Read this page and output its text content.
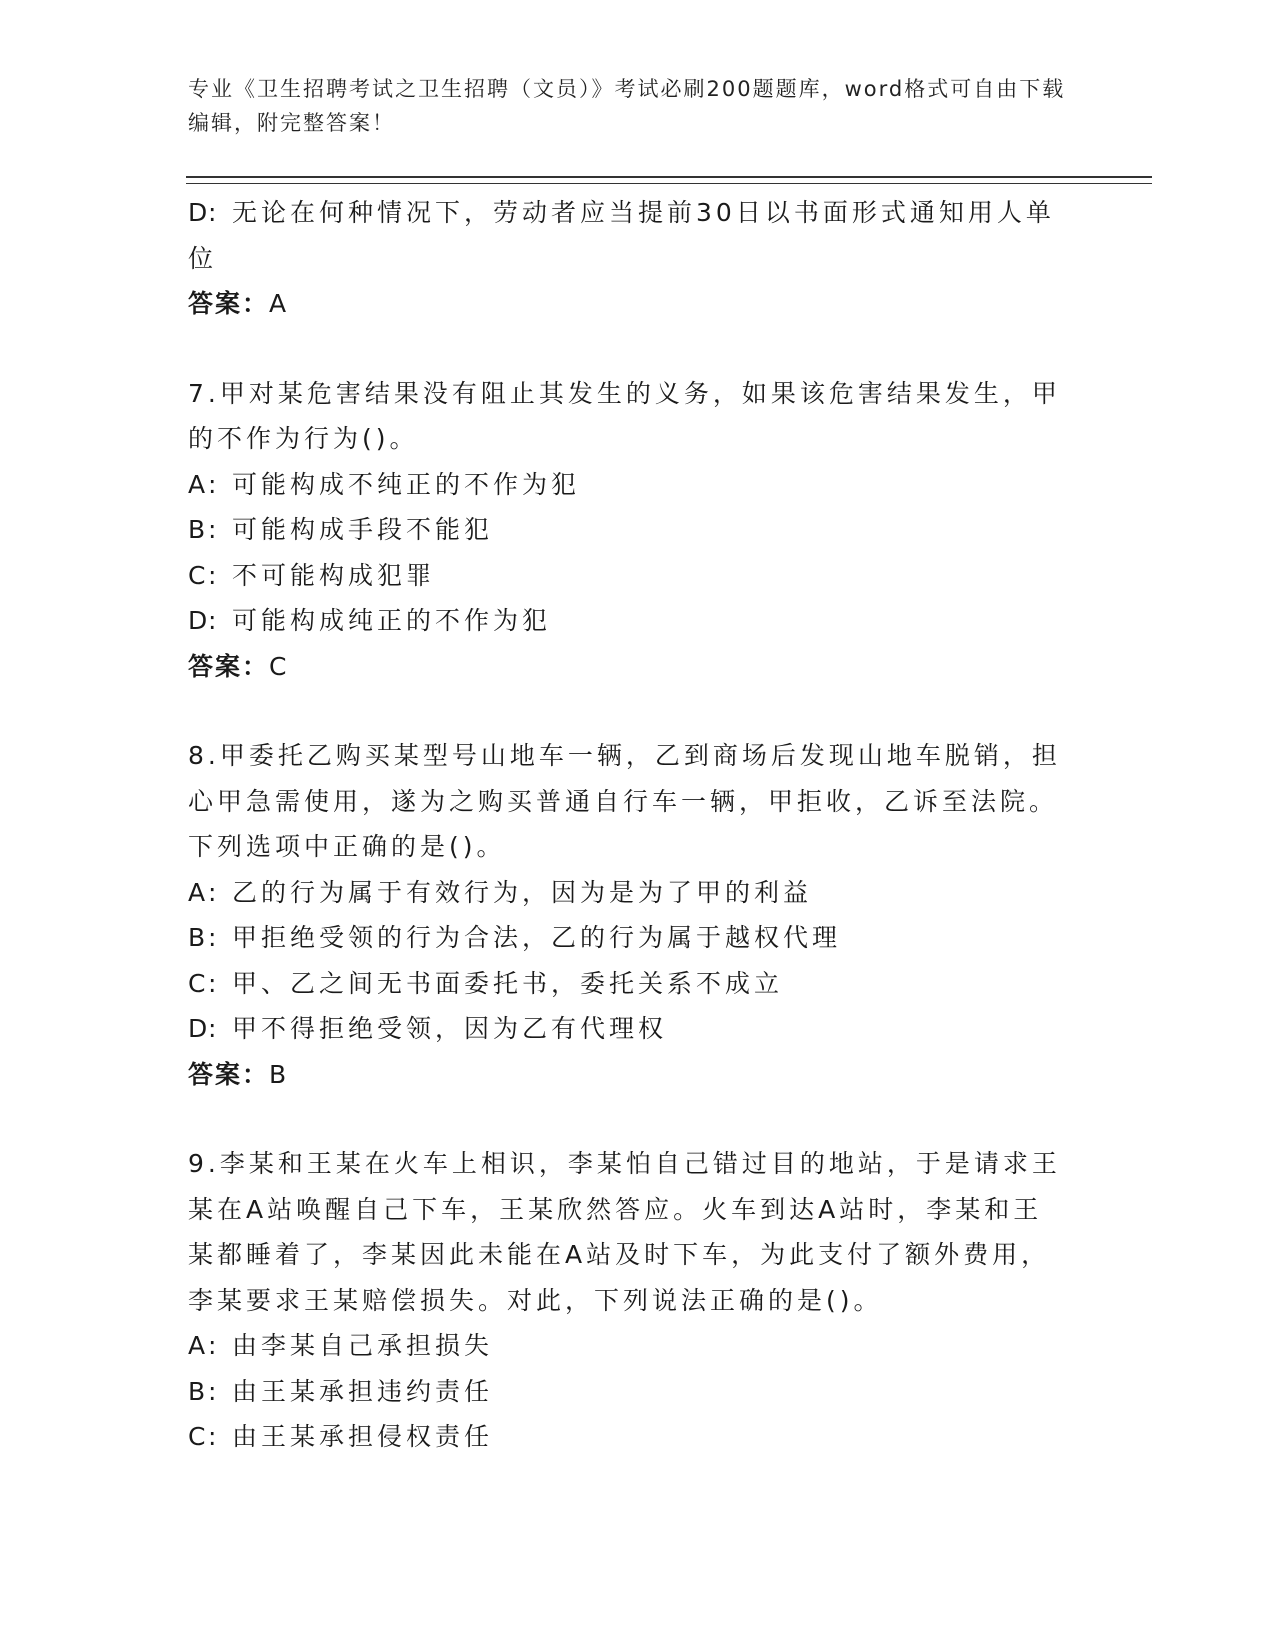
专业《卫生招聘考试之卫生招聘（文员）》考试必刷200题题库，word格式可自由下载编辑，附完整答案！
D: 无论在何种情况下，劳动者应当提前30日以书面形式通知用人单位
答案：A
7.甲对某危害结果没有阻止其发生的义务，如果该危害结果发生，甲的不作为行为()。
A : 可能构成不纯正的不作为犯
B : 可能构成手段不能犯
C : 不可能构成犯罪
D: 可能构成纯正的不作为犯
答案：C
8.甲委托乙购买某型号山地车一辆，乙到商场后发现山地车脱销，担心甲急需使用，遂为之购买普通自行车一辆，甲拒收，乙诉至法院。下列选项中正确的是()。
A : 乙的行为属于有效行为，因为是为了甲的利益
B : 甲拒绝受领的行为合法，乙的行为属于越权代理
C : 甲、乙之间无书面委托书，委托关系不成立
D: 甲不得拒绝受领，因为乙有代理权
答案：B
9.李某和王某在火车上相识，李某怕自己错过目的地站，于是请求王某在A站唤醒自己下车，王某欣然答应。火车到达A站时，李某和王某都睡着了，李某因此未能在A站及时下车，为此支付了额外费用，李某要求王某赔偿损失。对此，下列说法正确的是()。
A : 由李某自己承担损失
B : 由王某承担违约责任
C : 由王某承担侵权责任
